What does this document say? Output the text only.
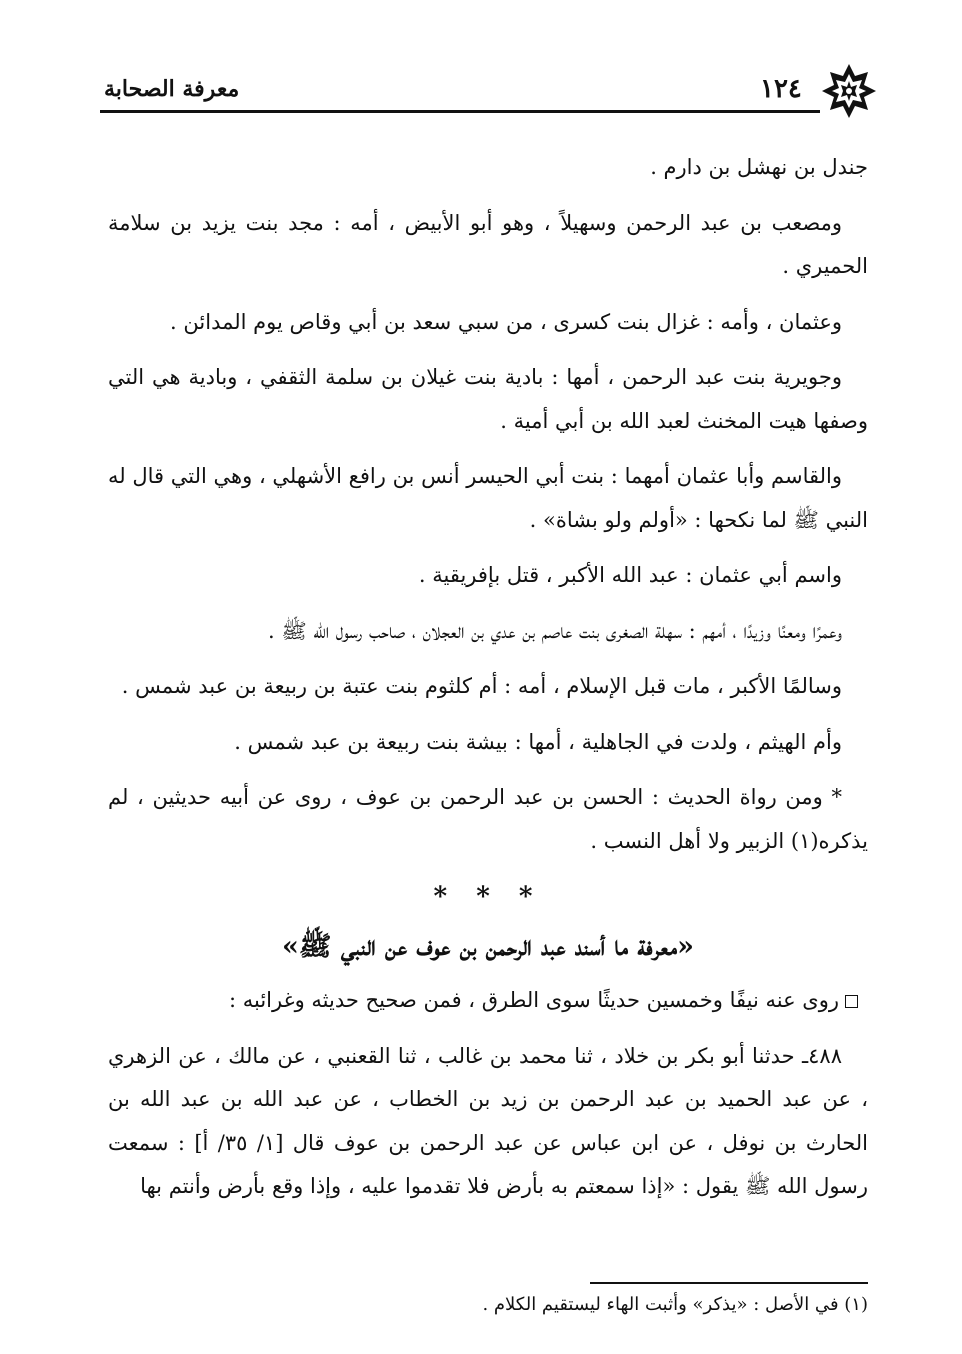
معرفة الصحابة	١٢٤

جندل بن نهشل بن دارم .

ومصعب بن عبد الرحمن وسهيلاً ، وهو أبو الأبيض ، أمه : مجد بنت يزيد بن سلامة الحميري .

وعثمان ، وأمه : غزال بنت كسرى ، من سبي سعد بن أبي وقاص يوم المدائن .

وجويرية بنت عبد الرحمن ، أمها : بادية بنت غيلان بن سلمة الثقفي ، وبادية هي التي وصفها هيت المخنث لعبد الله بن أبي أمية .

والقاسم وأبا عثمان أمهما : بنت أبي الحيسر أنس بن رافع الأشهلي ، وهي التي قال له النبي ﷺ لما نكحها : «أولم ولو بشاة» .

واسم أبي عثمان : عبد الله الأكبر ، قتل بإفريقية .

وعمرًا ومعنًا وزيدًا ، أمهم : سهلة الصغرى بنت عاصم بن عدي بن العجلان ، صاحب رسول الله ﷺ .

وسالمًا الأكبر ، مات قبل الإسلام ، أمه : أم كلثوم بنت عتبة بن ربيعة بن عبد شمس .

وأم الهيثم ، ولدت في الجاهلية ، أمها : بيشة بنت ربيعة بن عبد شمس .

* ومن رواة الحديث : الحسن بن عبد الرحمن بن عوف ، روى عن أبيه حديثين ، لم يذكره(١) الزبير ولا أهل النسب .

* * *
«معرفة ما أسند عبد الرحمن بن عوف عن النبي ﷺ»

روى عنه نيفًا وخمسين حديثًا سوى الطرق ، فمن صحيح حديثه وغرائبه :

٤٨٨ـ حدثنا أبو بكر بن خلاد ، ثنا محمد بن غالب ، ثنا القعنبي ، عن مالك ، عن الزهري ، عن عبد الحميد بن عبد الرحمن بن زيد بن الخطاب ، عن عبد الله بن عبد الله بن الحارث بن نوفل ، عن ابن عباس عن عبد الرحمن بن عوف قال [١/ ٣٥/ أ] : سمعت رسول الله ﷺ يقول : «إذا سمعتم به بأرض فلا تقدموا عليه ، وإذا وقع بأرض وأنتم بها

(١) في الأصل : «يذكر» وأثبت الهاء ليستقيم الكلام .
